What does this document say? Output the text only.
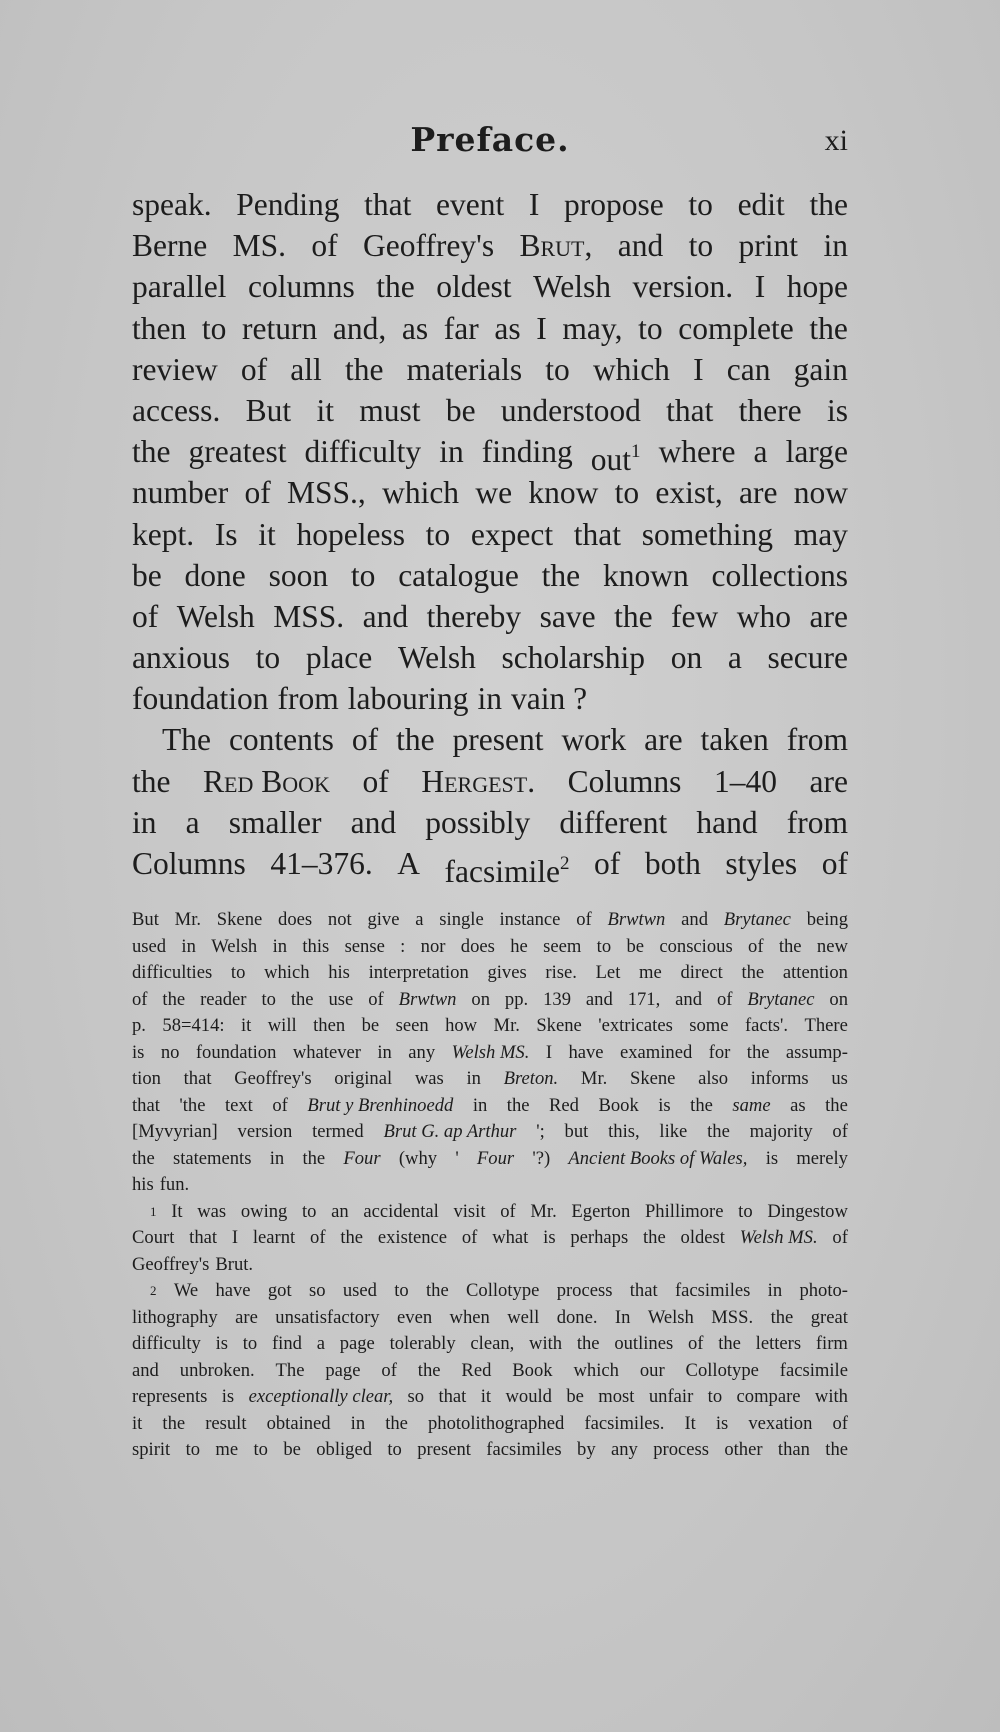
Preface.	xi
speak. Pending that event I propose to edit the
Berne MS. of Geoffrey's Brut, and to print in
parallel columns the oldest Welsh version. I hope
then to return and, as far as I may, to complete the
review of all the materials to which I can gain
access. But it must be understood that there is
the greatest difficulty in finding out$^1$ where a large
number of MSS., which we know to exist, are now
kept. Is it hopeless to expect that something may
be done soon to catalogue the known collections
of Welsh MSS. and thereby save the few who are
anxious to place Welsh scholarship on a secure
foundation from labouring in vain ?
The contents of the present work are taken from
the Red Book of Hergest. Columns 1–40 are
in a smaller and possibly different hand from
Columns 41–376. A facsimile$^2$ of both styles of
But Mr. Skene does not give a single instance of Brwtwn and Brytanec being
used in Welsh in this sense : nor does he seem to be conscious of the new
difficulties to which his interpretation gives rise. Let me direct the attention
of the reader to the use of Brwtwn on pp. 139 and 171, and of Brytanec on
p. 58=414: it will then be seen how Mr. Skene 'extricates some facts'. There
is no foundation whatever in any Welsh MS. I have examined for the assump-
tion that Geoffrey's original was in Breton. Mr. Skene also informs us
that 'the text of Brut y Brenhinoedd in the Red Book is the same as the
[Myvyrian] version termed Brut G. ap Arthur '; but this, like the majority of
the statements in the Four (why ' Four '?) Ancient Books of Wales, is merely
his fun.
$^1$ It was owing to an accidental visit of Mr. Egerton Phillimore to Dingestow
Court that I learnt of the existence of what is perhaps the oldest Welsh MS. of
Geoffrey's Brut.
$^2$ We have got so used to the Collotype process that facsimiles in photo-
lithography are unsatisfactory even when well done. In Welsh MSS. the great
difficulty is to find a page tolerably clean, with the outlines of the letters firm
and unbroken. The page of the Red Book which our Collotype facsimile
represents is exceptionally clear, so that it would be most unfair to compare with
it the result obtained in the photolithographed facsimiles. It is vexation of
spirit to me to be obliged to present facsimiles by any process other than the
